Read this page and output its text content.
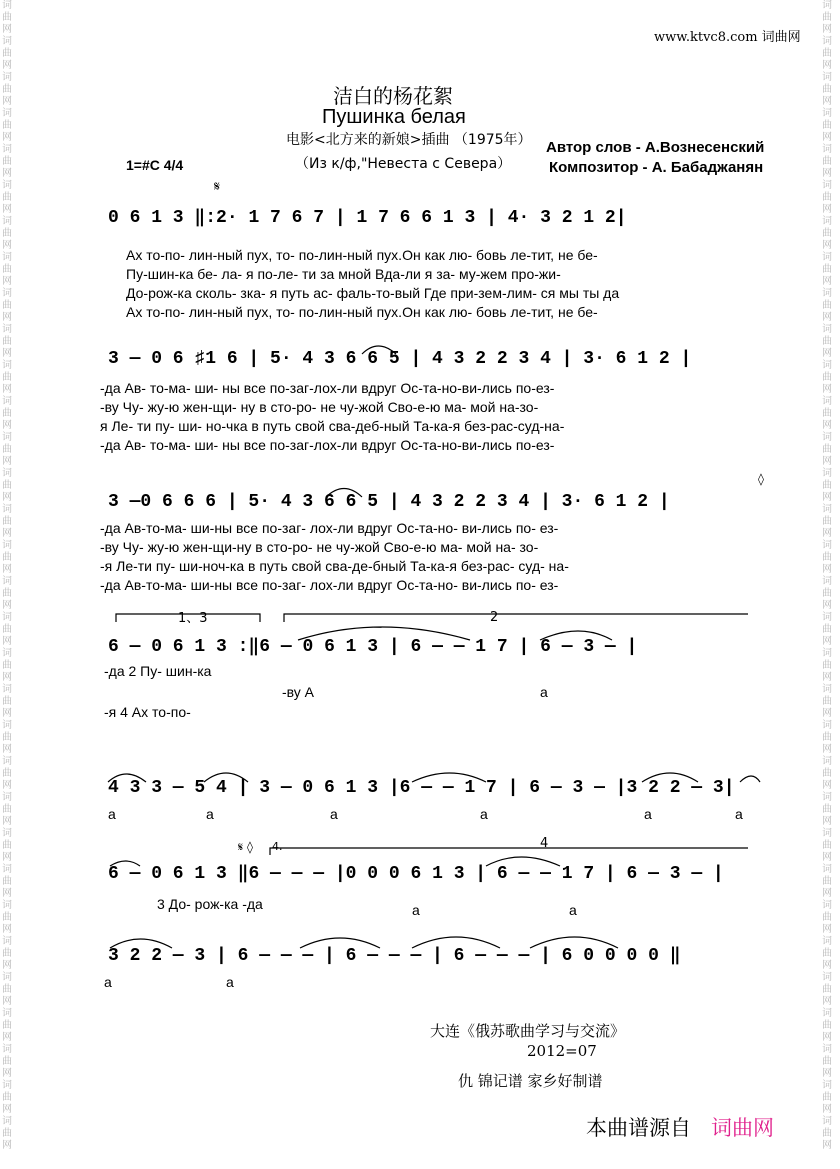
词
曲
网
词
曲
网
词
曲
网
词
曲
网
词
曲
网
词
曲
网
词
曲
网
词
曲
网
词
曲
网
词
曲
网
词
曲
网
词
曲
网
词
曲
网
词
曲
网
词
曲
网
词
曲
网
词
曲
网
词
曲
网
词
曲
网
词
曲
网
词
曲
网
词
曲
网
词
曲
网
词
曲
网
词
曲
网
词
曲
网
词
曲
网
词
曲
网
词
曲
网
词
曲
网
词
曲
网
词
曲
网
词
曲
网
词
曲
网
词
曲
网
词
曲
网
词
曲
网
词
曲
网
词
曲
网
词
曲
网
词
曲
网
词
曲
网
词
曲
网
词
曲
网
词
曲
网
词
曲
网
词
曲
网
词
曲
网
词
曲
网
词
曲
网
词
曲
网
词
曲
网
词
曲
网
词
曲
网
词
曲
网
词
曲
网
词
曲
网
词
曲
网
词
曲
网
词
曲
网
词
曲
网
词
曲
网
词
曲
网
词
曲
网
www.ktvc8.com 词曲网
洁白的杨花絮
Пушинка белая
电影<北方来的新娘>插曲 （1975年）
（Из к/ф,"Невеста с Севера）
Автор слов - А.Вознесенский
Композитор - А. Бабаджанян
1=#C 4/4
𝄋
0 6 1 3 ‖:2· 1 7 6 7 | 1 7 6 6 1 3 | 4· 3 2 1 2|
Ах то-по- лин-ный пух, то- по-лин-ный пух.Он как лю- бовь ле-тит, не бе-
Пу-шин-ка бе- ла- я по-ле- ти за мной Вда-ли я за- му-жем про-жи-
До-рож-ка сколь- зка- я путь ас- фаль-то-вый Где при-зем-лим- ся мы ты да
Ах то-по- лин-ный пух, то- по-лин-ный пух.Он как лю- бовь ле-тит, не бе-
3 — 0 6 ♯1 6 | 5· 4 3 6 6 5 | 4 3 2 2 3 4 | 3· 6 1 2 |
-да Ав- то-ма- ши- ны все по-заг-лох-ли вдруг Ос-та-но-ви-лись по-ез-
-ву Чу- жу-ю жен-щи- ну в сто-ро- не чу-жой Сво-е-ю ма- мой на-зо-
я Ле- ти пу- ши- но-чка в путь свой сва-деб-ный Та-ка-я без-рас-суд-на-
-да Ав- то-ма- ши- ны все по-заг-лох-ли вдруг Ос-та-но-ви-лись по-ез-
◊
3 —0 6 6 6 | 5· 4 3 6 6 5 | 4 3 2 2 3 4 | 3· 6 1 2 |
-да Ав-то-ма- ши-ны все по-заг- лох-ли вдруг Ос-та-но- ви-лись по- ез-
-ву Чу- жу-ю жен-щи-ну в сто-ро- не чу-жой Сво-е-ю ма- мой на- зо-
-я Ле-ти пу- ши-ноч-ка в путь свой сва-де-бный Та-ка-я без-рас- суд- на-
-да Ав-то-ма- ши-ны все по-заг- лох-ли вдруг Ос-та-но- ви-лись по- ез-
1、3	2
6 — 0 6 1 3 :‖6 — 0 6 1 3 | 6 — — 1 7 | 6 — 3 — |
-да 2 Пу- шин-ка
-ву А	а
-я 4 Ах то-по-
4 3 3 — 5 4 | 3 — 0 6 1 3 |6 — — 1 7 | 6 — 3 — |3 2 2 — 3|
а	а	а	а	а	а
𝄋 ◊ 4.	4
6 — 0 6 1 3 ‖6 — — — |0 0 0 6 1 3 | 6 — — 1 7 | 6 — 3 — |
3 До- рож-ка -да	а	а
3 2 2 — 3 | 6 — — — | 6 — — — | 6 — — — | 6 0 0 0 0 ‖
а	а
大连《俄苏歌曲学习与交流》
2012=07
仇 锦记谱 家乡好制谱
本曲谱源自 词曲网
